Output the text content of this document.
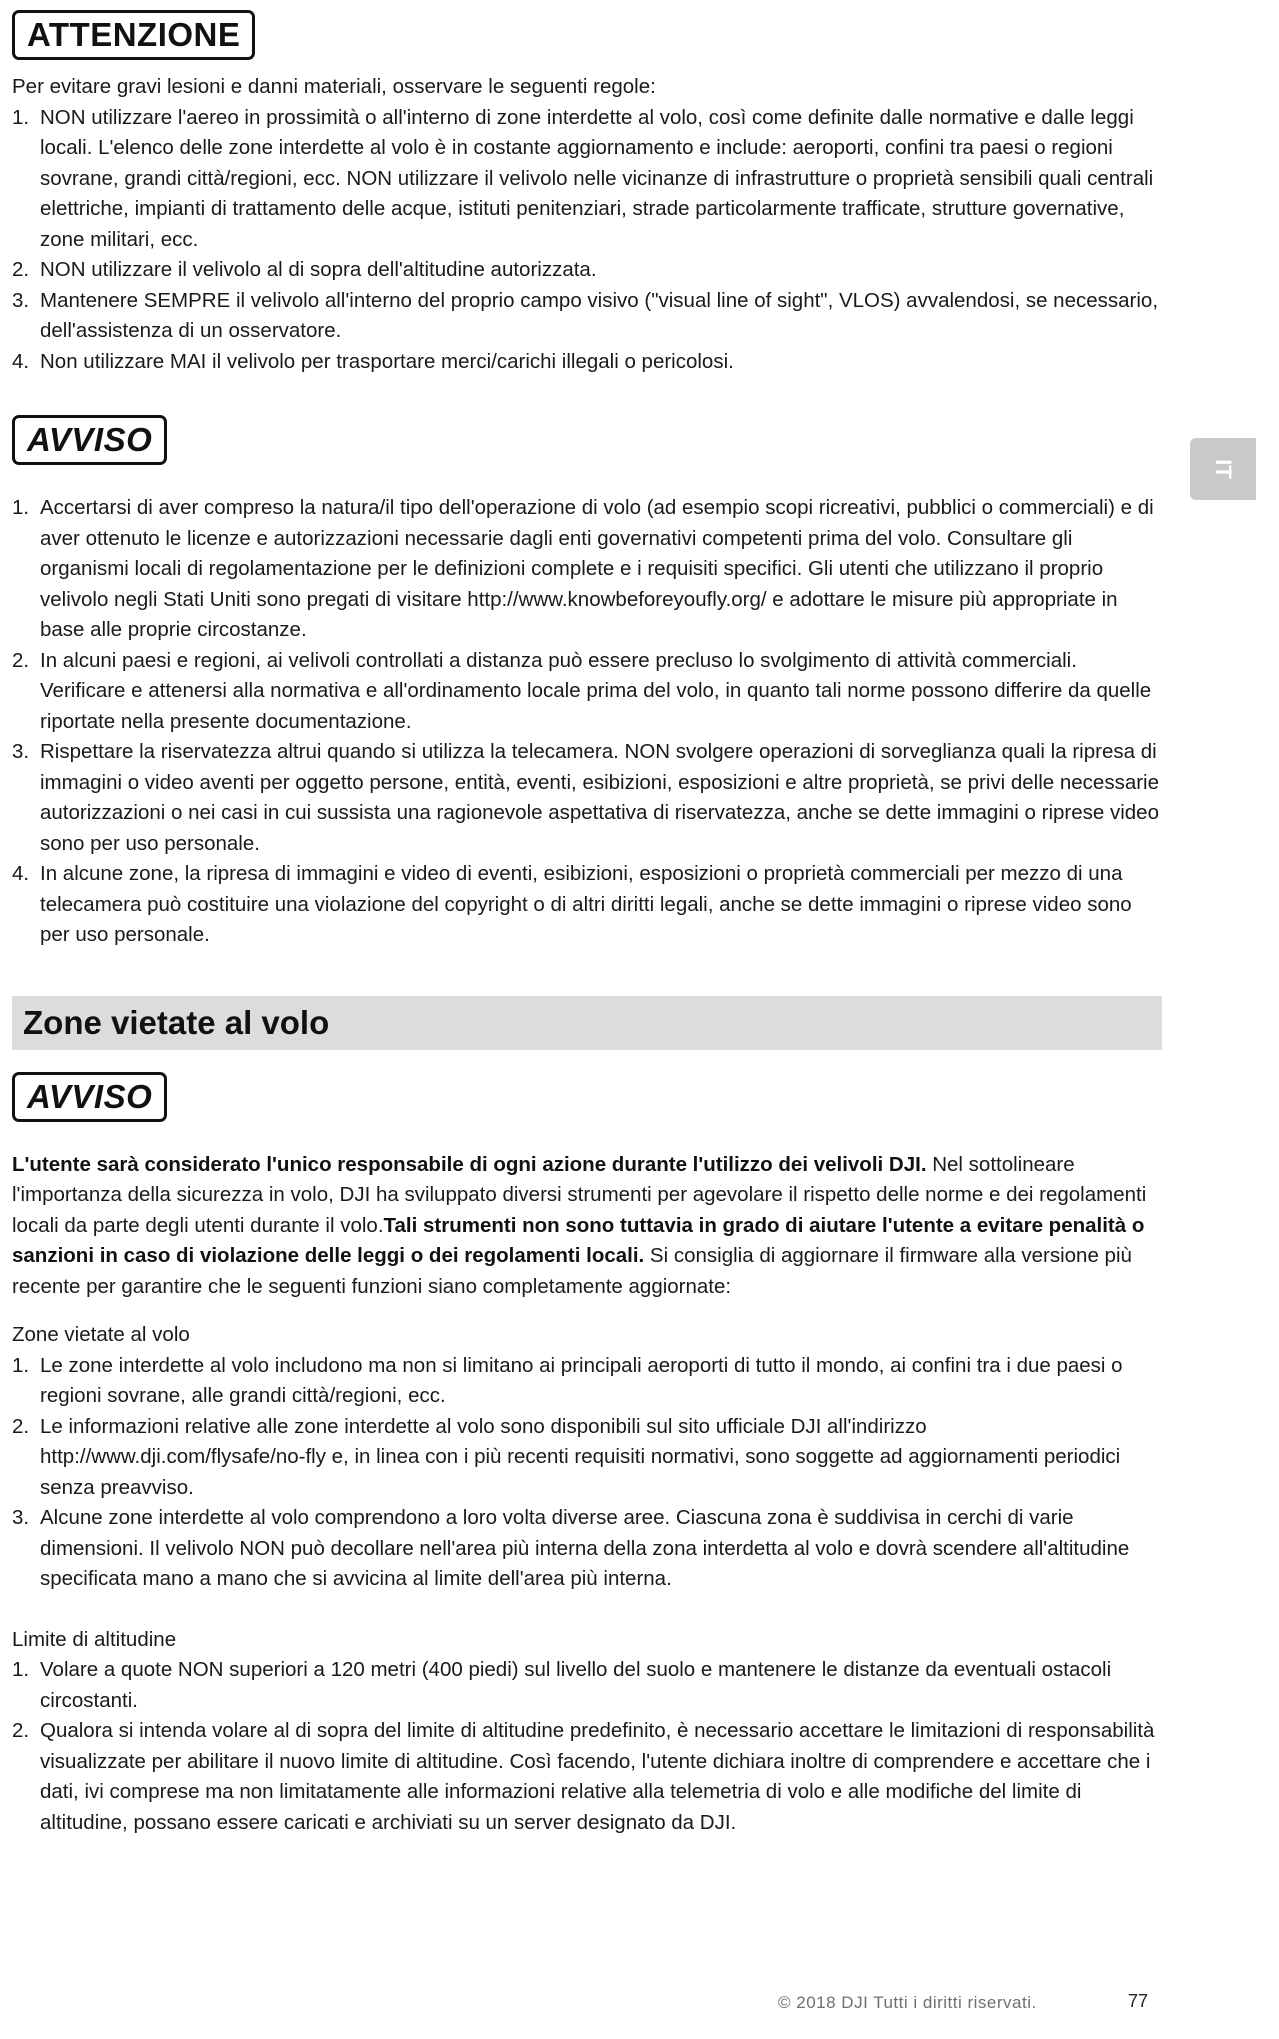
ATTENZIONE

Per evitare gravi lesioni e danni materiali, osservare le seguenti regole:

1. NON utilizzare l'aereo in prossimità o all'interno di zone interdette al volo, così come definite dalle normative e dalle leggi locali. L'elenco delle zone interdette al volo è in costante aggiornamento e include: aeroporti, confini tra paesi o regioni sovrane, grandi città/regioni, ecc. NON utilizzare il velivolo nelle vicinanze di infrastrutture o proprietà sensibili quali centrali elettriche, impianti di trattamento delle acque, istituti penitenziari, strade particolarmente trafficate, strutture governative, zone militari, ecc.
2. NON utilizzare il velivolo al di sopra dell'altitudine autorizzata.
3. Mantenere SEMPRE il velivolo all'interno del proprio campo visivo ("visual line of sight", VLOS) avvalendosi, se necessario, dell'assistenza di un osservatore.
4. Non utilizzare MAI il velivolo per trasportare merci/carichi illegali o pericolosi.
AVVISO
1. Accertarsi di aver compreso la natura/il tipo dell'operazione di volo (ad esempio scopi ricreativi, pubblici o commerciali) e di aver ottenuto le licenze e autorizzazioni necessarie dagli enti governativi competenti prima del volo. Consultare gli organismi locali di regolamentazione per le definizioni complete e i requisiti specifici. Gli utenti che utilizzano il proprio velivolo negli Stati Uniti sono pregati di visitare http://www.knowbeforeyoufly.org/ e adottare le misure più appropriate in base alle proprie circostanze.
2. In alcuni paesi e regioni, ai velivoli controllati a distanza può essere precluso lo svolgimento di attività commerciali. Verificare e attenersi alla normativa e all'ordinamento locale prima del volo, in quanto tali norme possono differire da quelle riportate nella presente documentazione.
3. Rispettare la riservatezza altrui quando si utilizza la telecamera. NON svolgere operazioni di sorveglianza quali la ripresa di immagini o video aventi per oggetto persone, entità, eventi, esibizioni, esposizioni e altre proprietà, se privi delle necessarie autorizzazioni o nei casi in cui sussista una ragionevole aspettativa di riservatezza, anche se dette immagini o riprese video sono per uso personale.
4. In alcune zone, la ripresa di immagini e video di eventi, esibizioni, esposizioni o proprietà commerciali per mezzo di una telecamera può costituire una violazione del copyright o di altri diritti legali, anche se dette immagini o riprese video sono per uso personale.
Zone vietate al volo
AVVISO
L'utente sarà considerato l'unico responsabile di ogni azione durante l'utilizzo dei velivoli DJI. Nel sottolineare l'importanza della sicurezza in volo, DJI ha sviluppato diversi strumenti per agevolare il rispetto delle norme e dei regolamenti locali da parte degli utenti durante il volo.Tali strumenti non sono tuttavia in grado di aiutare l'utente a evitare penalità o sanzioni in caso di violazione delle leggi o dei regolamenti locali. Si consiglia di aggiornare il firmware alla versione più recente per garantire che le seguenti funzioni siano completamente aggiornate:
Zone vietate al volo
1. Le zone interdette al volo includono ma non si limitano ai principali aeroporti di tutto il mondo, ai confini tra i due paesi o regioni sovrane, alle grandi città/regioni, ecc.
2. Le informazioni relative alle zone interdette al volo sono disponibili sul sito ufficiale DJI all'indirizzo http://www.dji.com/flysafe/no-fly e, in linea con i più recenti requisiti normativi, sono soggette ad aggiornamenti periodici senza preavviso.
3. Alcune zone interdette al volo comprendono a loro volta diverse aree. Ciascuna zona è suddivisa in cerchi di varie dimensioni. Il velivolo NON può decollare nell'area più interna della zona interdetta al volo e dovrà scendere all'altitudine specificata mano a mano che si avvicina al limite dell'area più interna.
Limite di altitudine
1. Volare a quote NON superiori a 120 metri (400 piedi) sul livello del suolo e mantenere le distanze da eventuali ostacoli circostanti.
2. Qualora si intenda volare al di sopra del limite di altitudine predefinito, è necessario accettare le limitazioni di responsabilità visualizzate per abilitare il nuovo limite di altitudine. Così facendo, l'utente dichiara inoltre di comprendere e accettare che i dati, ivi comprese ma non limitatamente alle informazioni relative alla telemetria di volo e alle modifiche del limite di altitudine, possano essere caricati e archiviati su un server designato da DJI.
IT
© 2018 DJI Tutti i diritti riservati.	77
